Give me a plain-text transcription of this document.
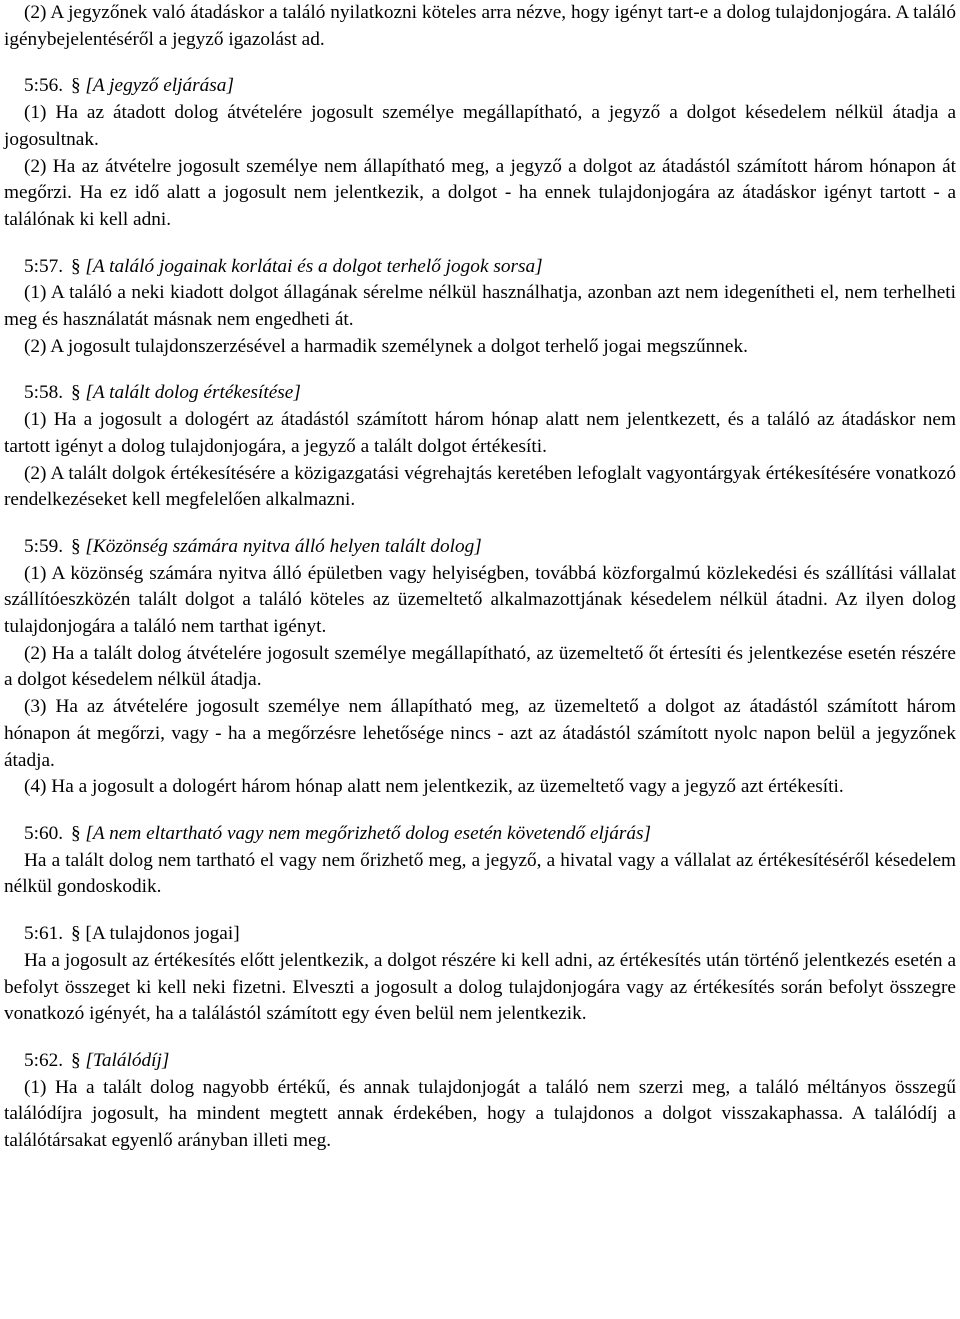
(2) A jegyzőnek való átadáskor a találó nyilatkozni köteles arra nézve, hogy igényt tart-e a dolog tulajdonjogára. A találó igénybejelentéséről a jegyző igazolást ad.

5:56. § [A jegyző eljárása]

(1) Ha az átadott dolog átvételére jogosult személye megállapítható, a jegyző a dolgot késedelem nélkül átadja a jogosultnak.

(2) Ha az átvételre jogosult személye nem állapítható meg, a jegyző a dolgot az átadástól számított három hónapon át megőrzi. Ha ez idő alatt a jogosult nem jelentkezik, a dolgot - ha ennek tulajdonjogára az átadáskor igényt tartott - a találónak ki kell adni.

5:57. § [A találó jogainak korlátai és a dolgot terhelő jogok sorsa]

(1) A találó a neki kiadott dolgot állagának sérelme nélkül használhatja, azonban azt nem idegenítheti el, nem terhelheti meg és használatát másnak nem engedheti át.

(2) A jogosult tulajdonszerzésével a harmadik személynek a dolgot terhelő jogai megszűnnek.

5:58. § [A talált dolog értékesítése]

(1) Ha a jogosult a dologért az átadástól számított három hónap alatt nem jelentkezett, és a találó az átadáskor nem tartott igényt a dolog tulajdonjogára, a jegyző a talált dolgot értékesíti.

(2) A talált dolgok értékesítésére a közigazgatási végrehajtás keretében lefoglalt vagyontárgyak értékesítésére vonatkozó rendelkezéseket kell megfelelően alkalmazni.

5:59. § [Közönség számára nyitva álló helyen talált dolog]

(1) A közönség számára nyitva álló épületben vagy helyiségben, továbbá közforgalmú közlekedési és szállítási vállalat szállítóeszközén talált dolgot a találó köteles az üzemeltető alkalmazottjának késedelem nélkül átadni. Az ilyen dolog tulajdonjogára a találó nem tarthat igényt.

(2) Ha a talált dolog átvételére jogosult személye megállapítható, az üzemeltető őt értesíti és jelentkezése esetén részére a dolgot késedelem nélkül átadja.

(3) Ha az átvételére jogosult személye nem állapítható meg, az üzemeltető a dolgot az átadástól számított három hónapon át megőrzi, vagy - ha a megőrzésre lehetősége nincs - azt az átadástól számított nyolc napon belül a jegyzőnek átadja.

(4) Ha a jogosult a dologért három hónap alatt nem jelentkezik, az üzemeltető vagy a jegyző azt értékesíti.

5:60. § [A nem eltartható vagy nem megőrizhető dolog esetén követendő eljárás]

Ha a talált dolog nem tartható el vagy nem őrizhető meg, a jegyző, a hivatal vagy a vállalat az értékesítéséről késedelem nélkül gondoskodik.

5:61. § [A tulajdonos jogai]

Ha a jogosult az értékesítés előtt jelentkezik, a dolgot részére ki kell adni, az értékesítés után történő jelentkezés esetén a befolyt összeget ki kell neki fizetni. Elveszti a jogosult a dolog tulajdonjogára vagy az értékesítés során befolyt összegre vonatkozó igényét, ha a találástól számított egy éven belül nem jelentkezik.

5:62. § [Találódíj]

(1) Ha a talált dolog nagyobb értékű, és annak tulajdonjogát a találó nem szerzi meg, a találó méltányos összegű találódíjra jogosult, ha mindent megtett annak érdekében, hogy a tulajdonos a dolgot visszakaphassa. A találódíj a találótársakat egyenlő arányban illeti meg.
